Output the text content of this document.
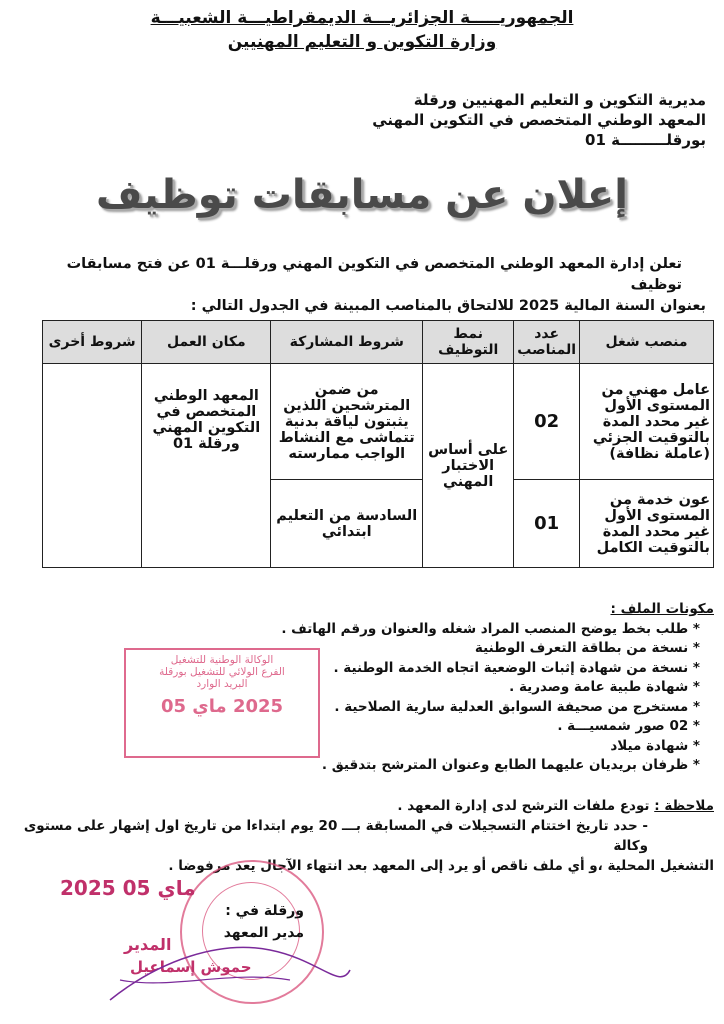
الجمهوريـــــة الجزائريـــة الديمقراطيـــة الشعبيـــة
وزارة التكوين و التعليم المهنيين
مديرية التكوين و التعليم المهنيين ورقلة
المعهد الوطني المتخصص في التكوين المهني
بورقلـــــــــة 01
إعلان عن مسابقات توظيف
تعلن إدارة المعهد الوطني المتخصص في التكوين المهني ورقلـــة 01 عن فتح مسابقات توظيف
بعنوان السنة المالية 2025 للالتحاق بالمناصب المبينة في الجدول التالي :
منصب شغل	عدد المناصب	نمط التوظيف	شروط المشاركة	مكان العمل	شروط أخرى
عامل مهني من المستوى الأول غير محدد المدة بالتوقيت الجزئي (عاملة نظافة)	02	على أساس الاختبار المهني	من ضمن المترشحين اللذين يثبتون لياقة بدنية تتماشى مع النشاط الواجب ممارسته	المعهد الوطني المتخصص في التكوين المهني ورقلة 01	
عون خدمة من المستوى الأول غير محدد المدة بالتوقيت الكامل	01		السادسة من التعليم ابتدائي		
الوكالة الوطنية للتشغيل
الفرع الولائي للتشغيل بورقلة
البريد الوارد
2025 ماي 05
مكونات الملف :
* طلب بخط يوضح المنصب المراد شغله والعنوان ورقم الهاتف .
* نسخة من بطاقة التعرف الوطنية
* نسخة من شهادة إثبات الوضعية اتجاه الخدمة الوطنية .
* شهادة طبية عامة وصدرية .
* مستخرج من صحيفة السوابق العدلية سارية الصلاحية .
* 02 صور شمسيـــة .
* شهادة ميلاد
* ظرفان بريديان عليهما الطابع وعنوان المترشح بتدقيق .
ملاحظة : تودع ملفات الترشح لدى إدارة المعهد .
- حدد تاريخ اختتام التسجيلات في المسابقة بـــ 20 يوم ابتداءا من تاريخ اول إشهار على مستوى وكالة
التشغيل المحلية ،و أي ملف ناقص أو يرد إلى المعهد بعد انتهاء الآجال يعد مرفوضا .
2025 ماي 05
ورقلة في :
مدير المعهد
المدير
حموش إسماعيل
